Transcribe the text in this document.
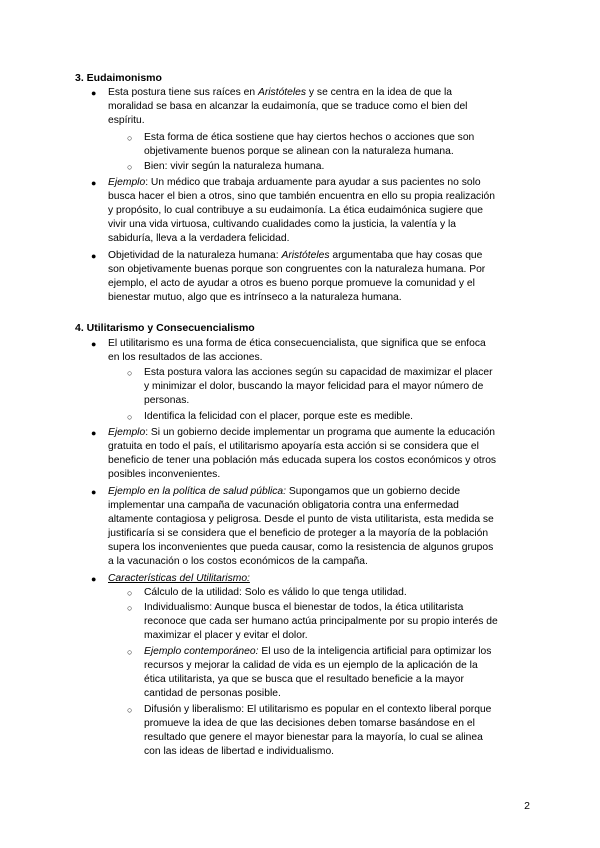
3. Eudaimonismo
● Esta postura tiene sus raíces en Aristóteles y se centra en la idea de que la
moralidad se basa en alcanzar la eudaimonía, que se traduce como el bien del
espíritu.
○ Esta forma de ética sostiene que hay ciertos hechos o acciones que son
objetivamente buenos porque se alinean con la naturaleza humana.
○ Bien: vivir según la naturaleza humana.
● Ejemplo: Un médico que trabaja arduamente para ayudar a sus pacientes no solo
busca hacer el bien a otros, sino que también encuentra en ello su propia realización
y propósito, lo cual contribuye a su eudaimonía. La ética eudaimónica sugiere que
vivir una vida virtuosa, cultivando cualidades como la justicia, la valentía y la
sabiduría, lleva a la verdadera felicidad.
● Objetividad de la naturaleza humana: Aristóteles argumentaba que hay cosas que
son objetivamente buenas porque son congruentes con la naturaleza humana. Por
ejemplo, el acto de ayudar a otros es bueno porque promueve la comunidad y el
bienestar mutuo, algo que es intrínseco a la naturaleza humana.
4. Utilitarismo y Consecuencialismo
● El utilitarismo es una forma de ética consecuencialista, que significa que se enfoca
en los resultados de las acciones.
○ Esta postura valora las acciones según su capacidad de maximizar el placer
y minimizar el dolor, buscando la mayor felicidad para el mayor número de
personas.
○ Identifica la felicidad con el placer, porque este es medible.
● Ejemplo: Si un gobierno decide implementar un programa que aumente la educación
gratuita en todo el país, el utilitarismo apoyaría esta acción si se considera que el
beneficio de tener una población más educada supera los costos económicos y otros
posibles inconvenientes.
● Ejemplo en la política de salud pública: Supongamos que un gobierno decide
implementar una campaña de vacunación obligatoria contra una enfermedad
altamente contagiosa y peligrosa. Desde el punto de vista utilitarista, esta medida se
justificaría si se considera que el beneficio de proteger a la mayoría de la población
supera los inconvenientes que pueda causar, como la resistencia de algunos grupos
a la vacunación o los costos económicos de la campaña.
● Características del Utilitarismo:
○ Cálculo de la utilidad: Solo es válido lo que tenga utilidad.
○ Individualismo: Aunque busca el bienestar de todos, la ética utilitarista
reconoce que cada ser humano actúa principalmente por su propio interés de
maximizar el placer y evitar el dolor.
○ Ejemplo contemporáneo: El uso de la inteligencia artificial para optimizar los
recursos y mejorar la calidad de vida es un ejemplo de la aplicación de la
ética utilitarista, ya que se busca que el resultado beneficie a la mayor
cantidad de personas posible.
○ Difusión y liberalismo: El utilitarismo es popular en el contexto liberal porque
promueve la idea de que las decisiones deben tomarse basándose en el
resultado que genere el mayor bienestar para la mayoría, lo cual se alinea
con las ideas de libertad e individualismo.
2
